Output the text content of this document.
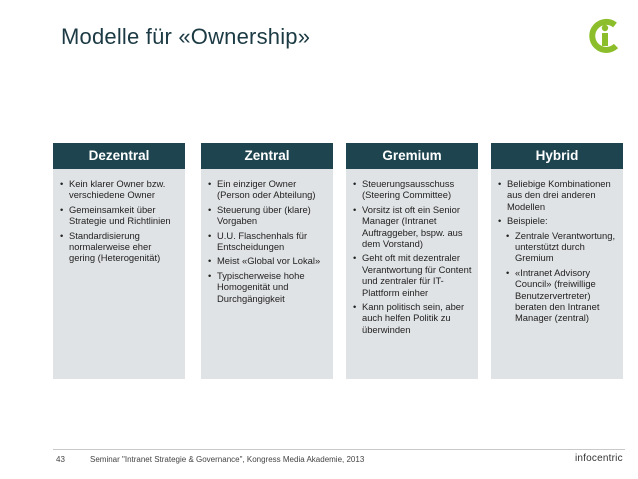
Modelle für «Ownership»
Dezentral
• Kein klarer Owner bzw. verschiedene Owner
• Gemeinsamkeit über Strategie und Richtlinien
• Standardisierung normalerweise eher gering (Heterogenität)
Zentral
• Ein einziger Owner (Person oder Abteilung)
• Steuerung über (klare) Vorgaben
• U.U. Flaschenhals für Entscheidungen
• Meist «Global vor Lokal»
• Typischerweise hohe Homogenität und Durchgängigkeit
Gremium
• Steuerungsausschuss (Steering Committee)
• Vorsitz ist oft ein Senior Manager (Intranet Auftraggeber, bspw. aus dem Vorstand)
• Geht oft mit dezentraler Verantwortung für Content und zentraler für IT-Plattform einher
• Kann politisch sein, aber auch helfen Politik zu überwinden
Hybrid
• Beliebige Kombinationen aus den drei anderen Modellen
• Beispiele:
• Zentrale Verantwortung, unterstützt durch Gremium
• «Intranet Advisory Council» (freiwillige Benutzervertreter) beraten den Intranet Manager (zentral)
43	Seminar "Intranet Strategie & Governance", Kongress Media Akademie, 2013	infocentric
